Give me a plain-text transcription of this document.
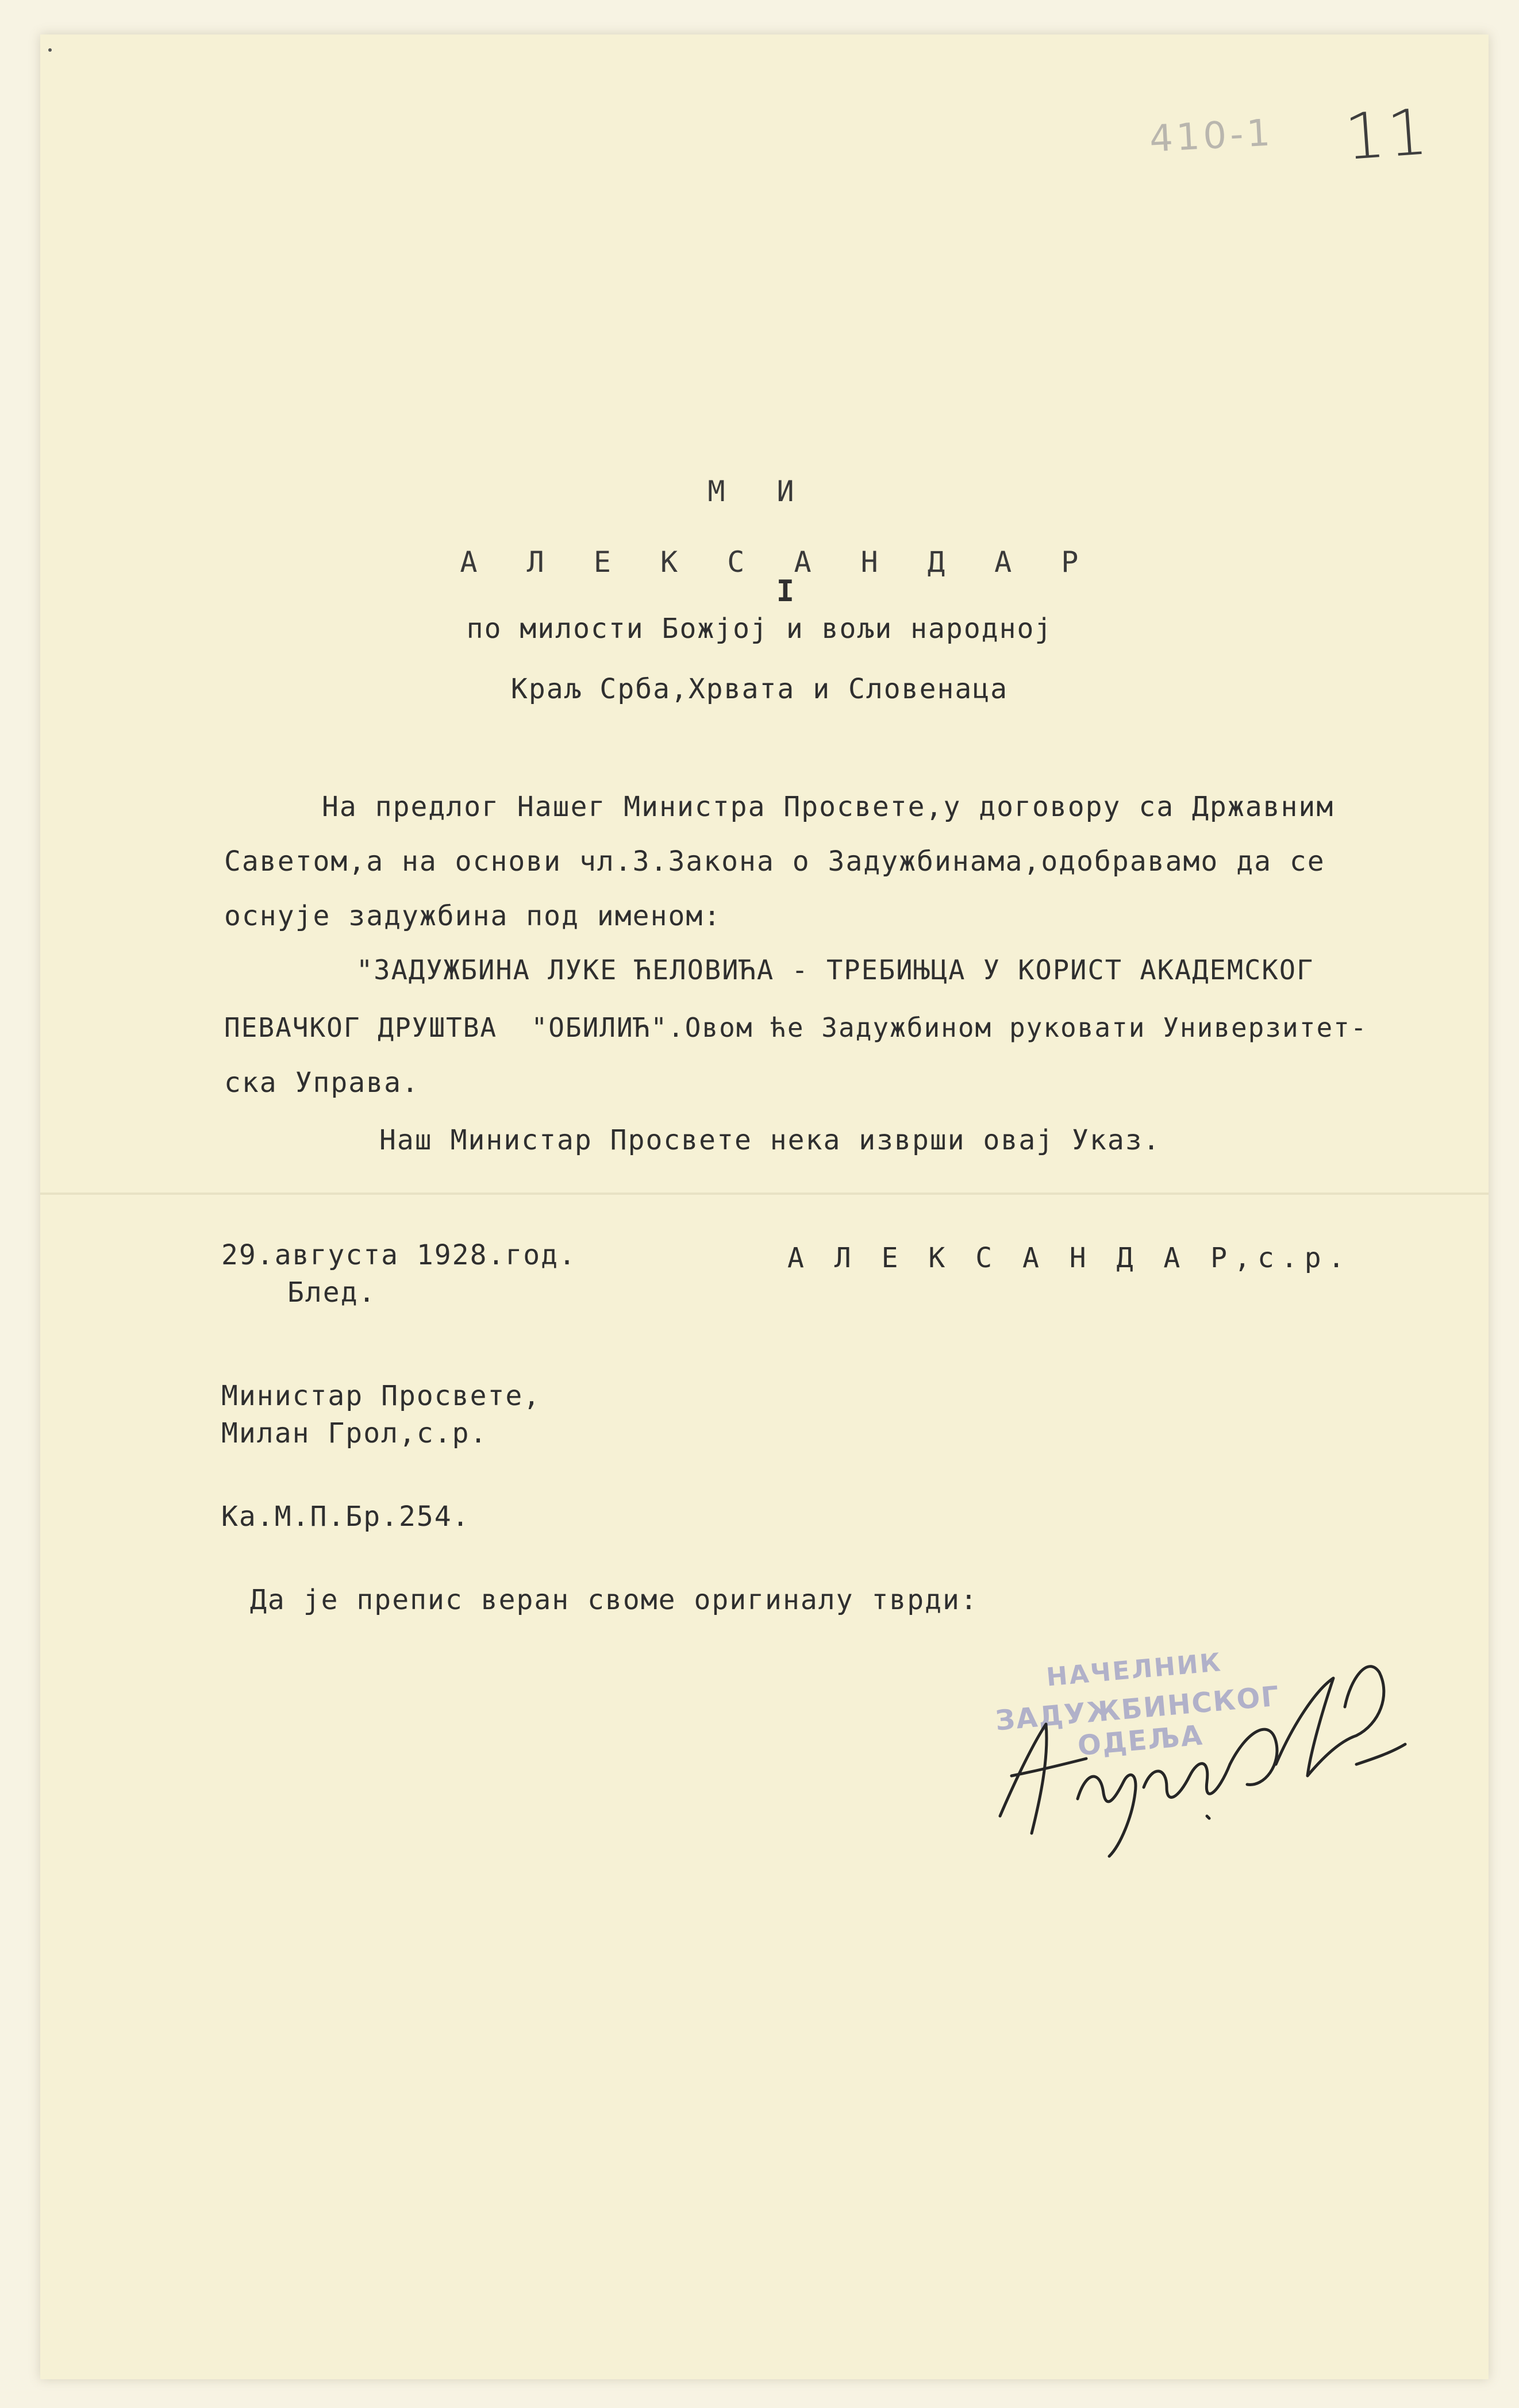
410-1 11
М И

А Л Е К С А Н Д А Р
I

по милости Божјој и вољи народној
Краљ Срба,Хрвата и Словенаца
На предлог Нашег Министра Просвете,у договору са Државним
Саветом,а на основи чл.3.Закона о Задужбинама,одобравамо да се
оснује задужбина под именом:
"ЗАДУЖБИНА ЛУКЕ ЋЕЛОВИЋА - ТРЕБИЊЦА У КОРИСТ АКАДЕМСКОГ
ПЕВАЧКОГ ДРУШТВА  "ОБИЛИЋ".Овом ће Задужбином руковати Универзитет-
ска Управа.
Наш Министар Просвете нека изврши овај Указ.
29.августа 1928.год.
Блед.
А Л Е К С А Н Д А Р,с.р.
Министар Просвете,
Милан Грол,с.р.
Ка.М.П.Бр.254.
Да је препис веран своме оригиналу тврди:
НАЧЕЛНИК
ЗАДУЖБИНСКОГ ОДЕЉА
